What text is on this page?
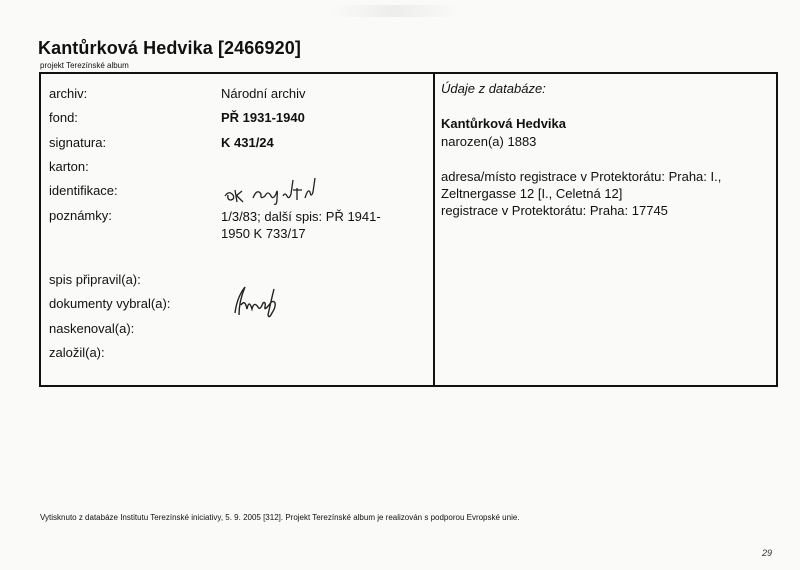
Kantůrková Hedvika [2466920]
projekt Terezínské album
archiv:
fond:
signatura:
karton:
identifikace:
poznámky:
Národní archiv
PŘ 1931-1940
K 431/24
1/3/83; další spis: PŘ 1941-1950 K 733/17
spis připravil(a):
dokumenty vybral(a):
naskenoval(a):
založil(a):
Údaje z databáze:
Kantůrková Hedvika
narozen(a) 1883
adresa/místo registrace v Protektorátu: Praha: I., Zeltnergasse 12 [I., Celetná 12]
registrace v Protektorátu: Praha: 17745
Vytisknuto z databáze Institutu Terezínské iniciativy, 5. 9. 2005 [312]. Projekt Terezínské album je realizován s podporou Evropské unie.
29
